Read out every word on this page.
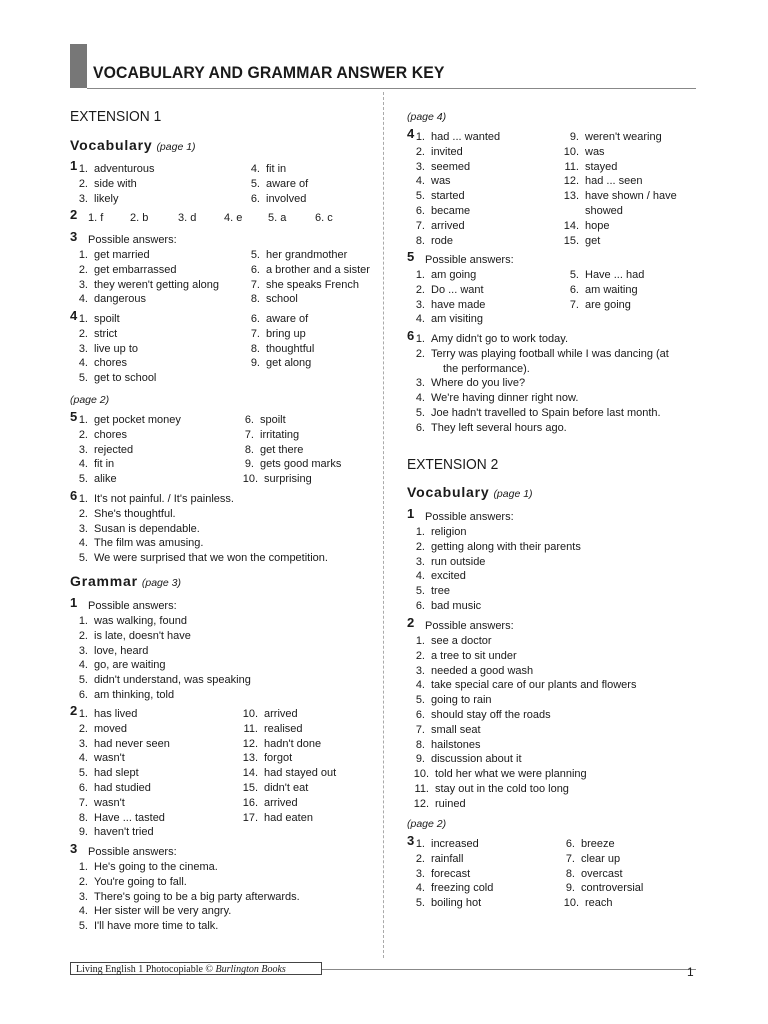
VOCABULARY AND GRAMMAR ANSWER KEY
EXTENSION 1
Vocabulary (page 1)
1 1. adventurous
2. side with
3. likely
4. fit in
5. aware of
6. involved
2 1. f 2. b	3. d	4. e 5. a	6. c
3 Possible answers:
1. get married
2. get embarrassed
3. they weren't getting along
4. dangerous
5. her grandmother
6. a brother and a sister
7. she speaks French
8. school
4 1. spoilt
2. strict
3. live up to
4. chores
5. get to school
6. aware of
7. bring up
8. thoughtful
9. get along
(page 2)
5 1. get pocket money
2. chores
3. rejected
4. fit in
5. alike
6. spoilt
7. irritating
8. get there
9. gets good marks
10. surprising
6 1. It's not painful. / It's painless.
2. She's thoughtful.
3. Susan is dependable.
4. The film was amusing.
5. We were surprised that we won the competition.
Grammar (page 3)
1 Possible answers:
1. was walking, found
2. is late, doesn't have
3. love, heard
4. go, are waiting
5. didn't understand, was speaking
6. am thinking, told
2 1. has lived
2. moved
3. had never seen
4. wasn't
5. had slept
6. had studied
7. wasn't
8. Have ... tasted
9. haven't tried
10. arrived
11. realised
12. hadn't done
13. forgot
14. had stayed out
15. didn't eat
16. arrived
17. had eaten
3 Possible answers:
1. He's going to the cinema.
2. You're going to fall.
3. There's going to be a big party afterwards.
4. Her sister will be very angry.
5. I'll have more time to talk.
(page 4)
4 1. had ... wanted
2. invited
3. seemed
4. was
5. started
6. became
7. arrived
8. rode
9. weren't wearing
10. was
11. stayed
12. had ... seen
13. have shown / have
showed
14. hope
15. get
5 Possible answers:
1. am going
2. Do ... want
3. have made
4. am visiting
5. Have ... had
6. am waiting
7. are going
6 1. Amy didn't go to work today.
2. Terry was playing football while I was dancing (at
the performance).
3. Where do you live?
4. We're having dinner right now.
5. Joe hadn't travelled to Spain before last month.
6. They left several hours ago.
EXTENSION 2
Vocabulary (page 1)
1 Possible answers:
1. religion
2. getting along with their parents
3. run outside
4. excited
5. tree
6. bad music
2 Possible answers:
1. see a doctor
2. a tree to sit under
3. needed a good wash
4. take special care of our plants and flowers
5. going to rain
6. should stay off the roads
7. small seat
8. hailstones
9. discussion about it
10. told her what we were planning
11. stay out in the cold too long
12. ruined
(page 2)
3 1. increased
2. rainfall
3. forecast
4. freezing cold
5. boiling hot
6. breeze
7. clear up
8. overcast
9. controversial
10. reach
Living English 1 Photocopiable © Burlington Books	1
